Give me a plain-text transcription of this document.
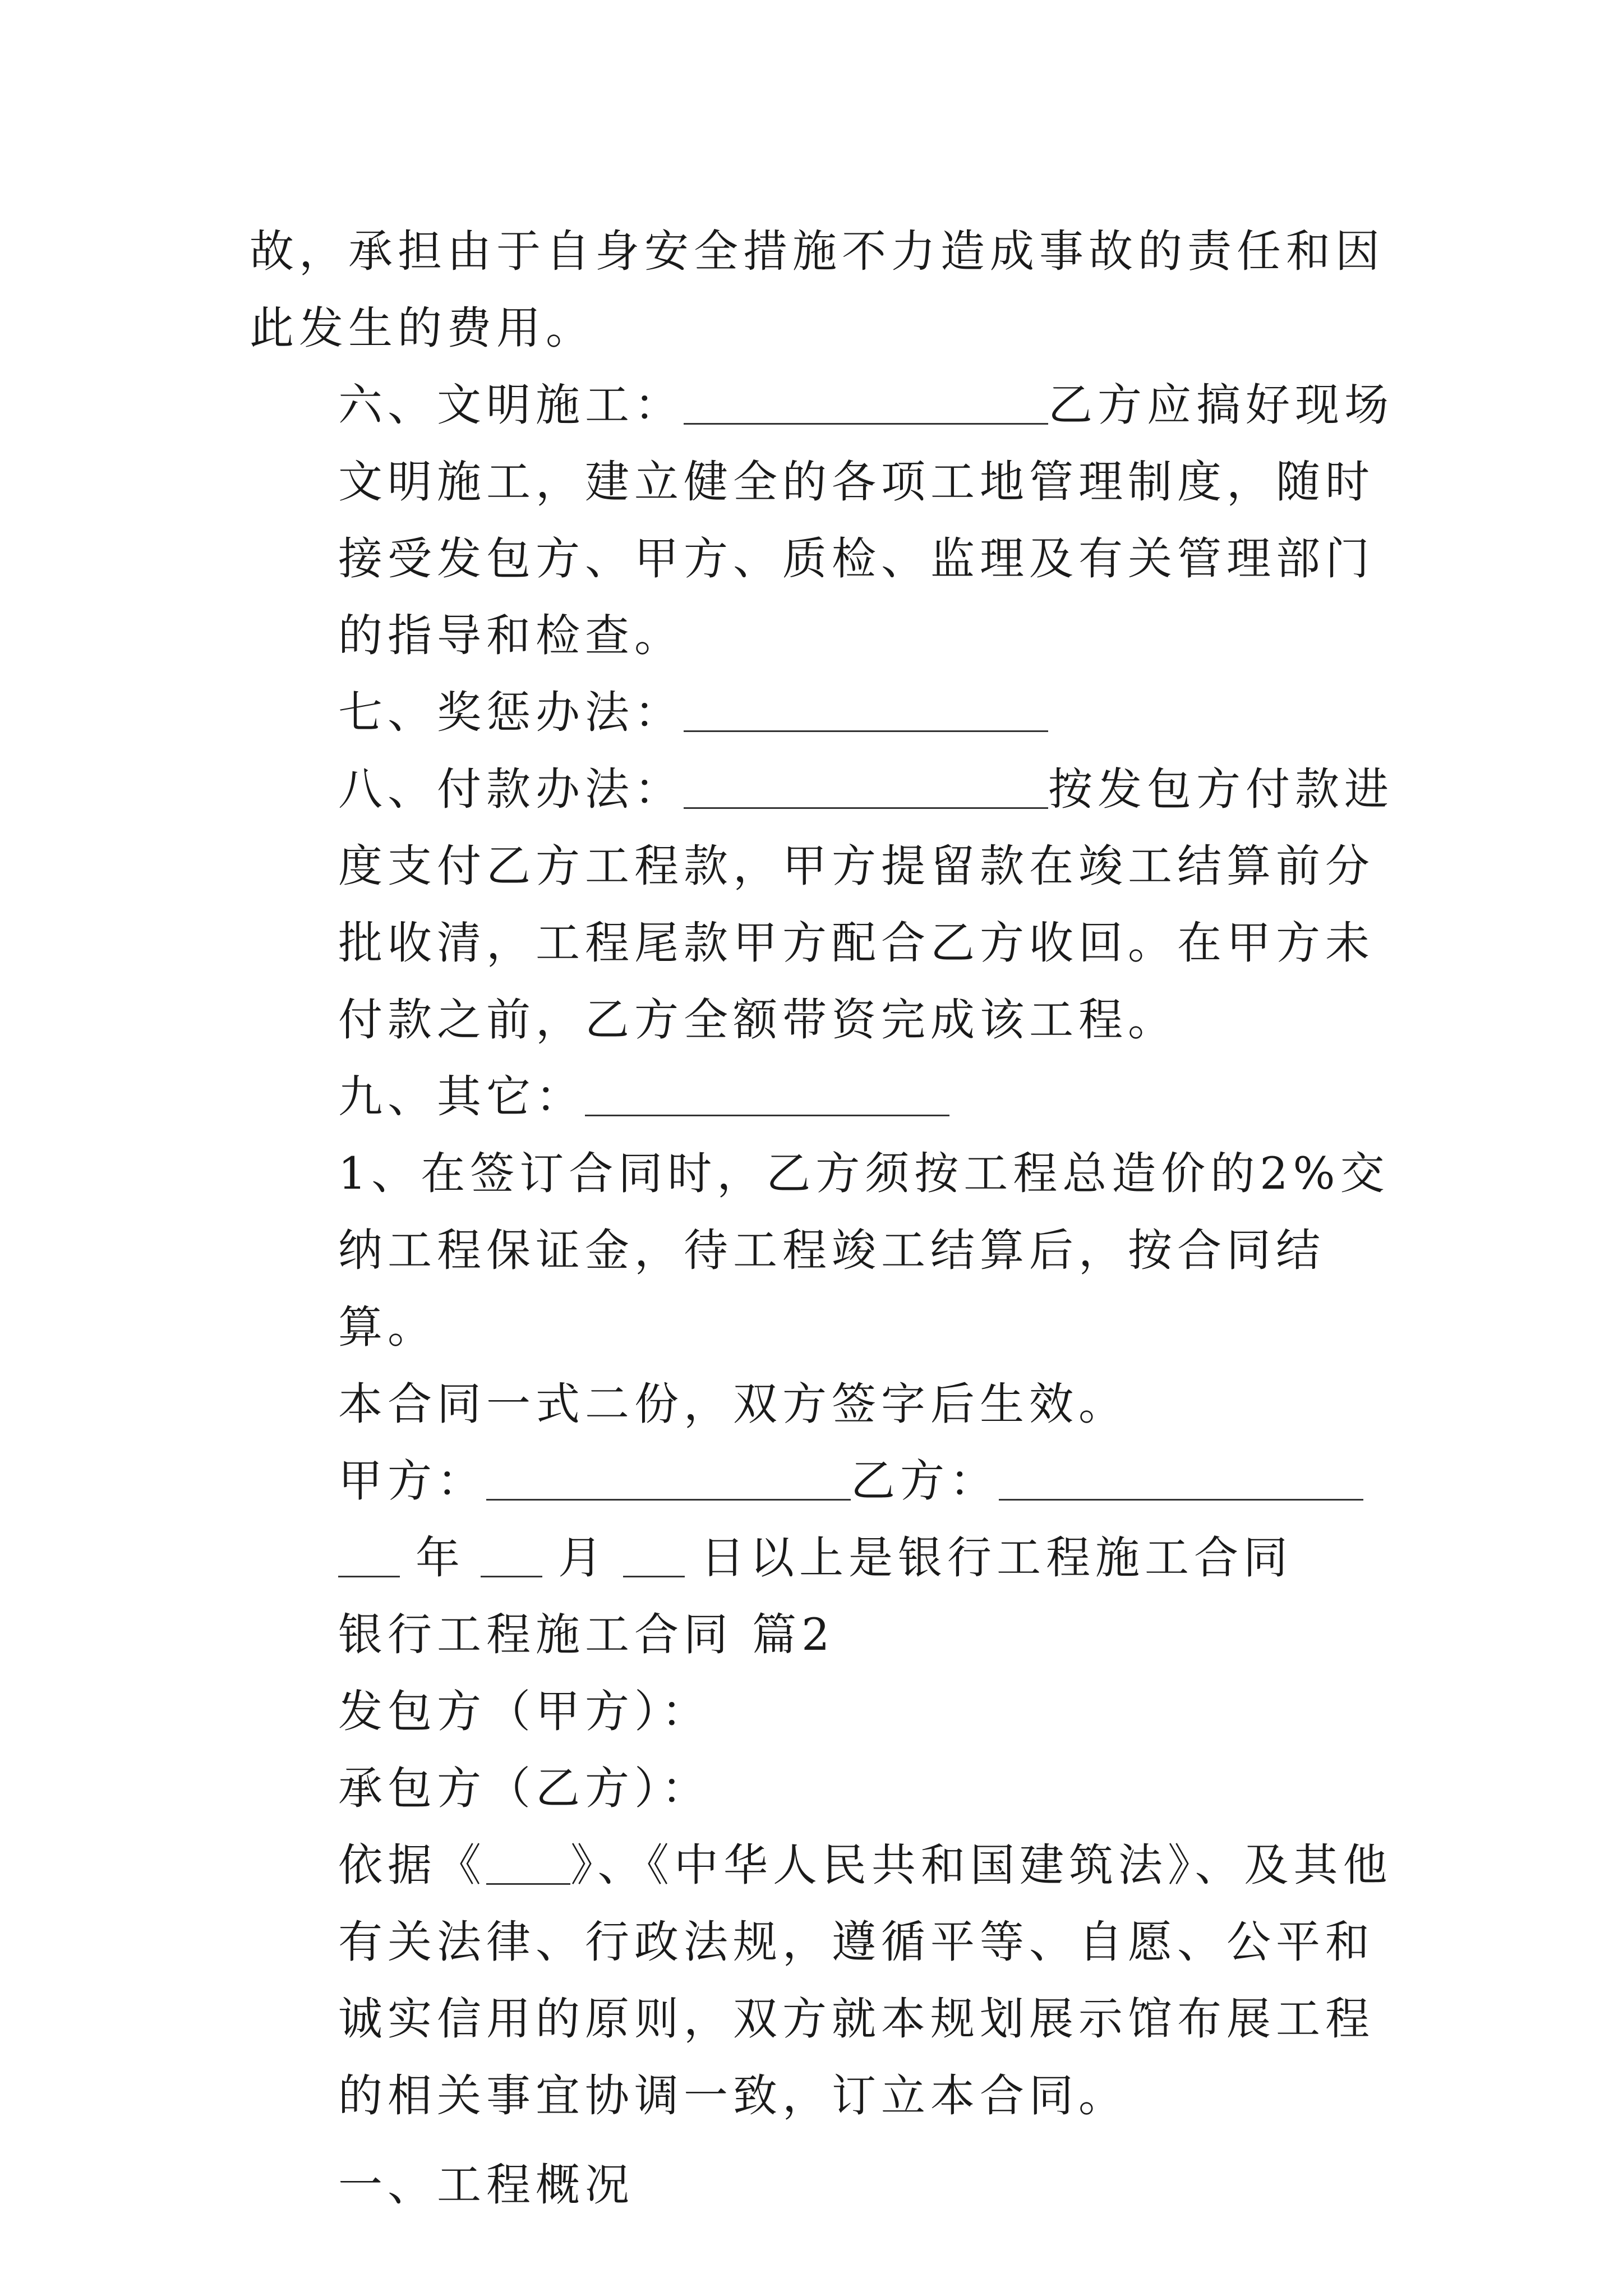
故，承担由于自身安全措施不力造成事故的责任和因此发生的费用。

六、文明施工：	乙方应搞好现场文明施工，建立健全的各项工地管理制度，随时接受发包方、甲方、质检、监理及有关管理部门的指导和检查。

七、奖惩办法：

八、付款办法：	按发包方付款进度支付乙方工程款，甲方提留款在竣工结算前分批收清，工程尾款甲方配合乙方收回。在甲方未付款之前，乙方全额带资完成该工程。

九、其它：

1、在签订合同时，乙方须按工程总造价的2%交纳工程保证金，待工程竣工结算后，按合同结算。

本合同一式二份，双方签字后生效。

甲方：	乙方：

年 月 日以上是银行工程施工合同

银行工程施工合同 篇2

发包方（甲方）：

承包方（乙方）：

依据《 》、《中华人民共和国建筑法》、及其他有关法律、行政法规，遵循平等、自愿、公平和诚实信用的原则，双方就本规划展示馆布展工程的相关事宜协调一致，订立本合同。

一、工程概况
